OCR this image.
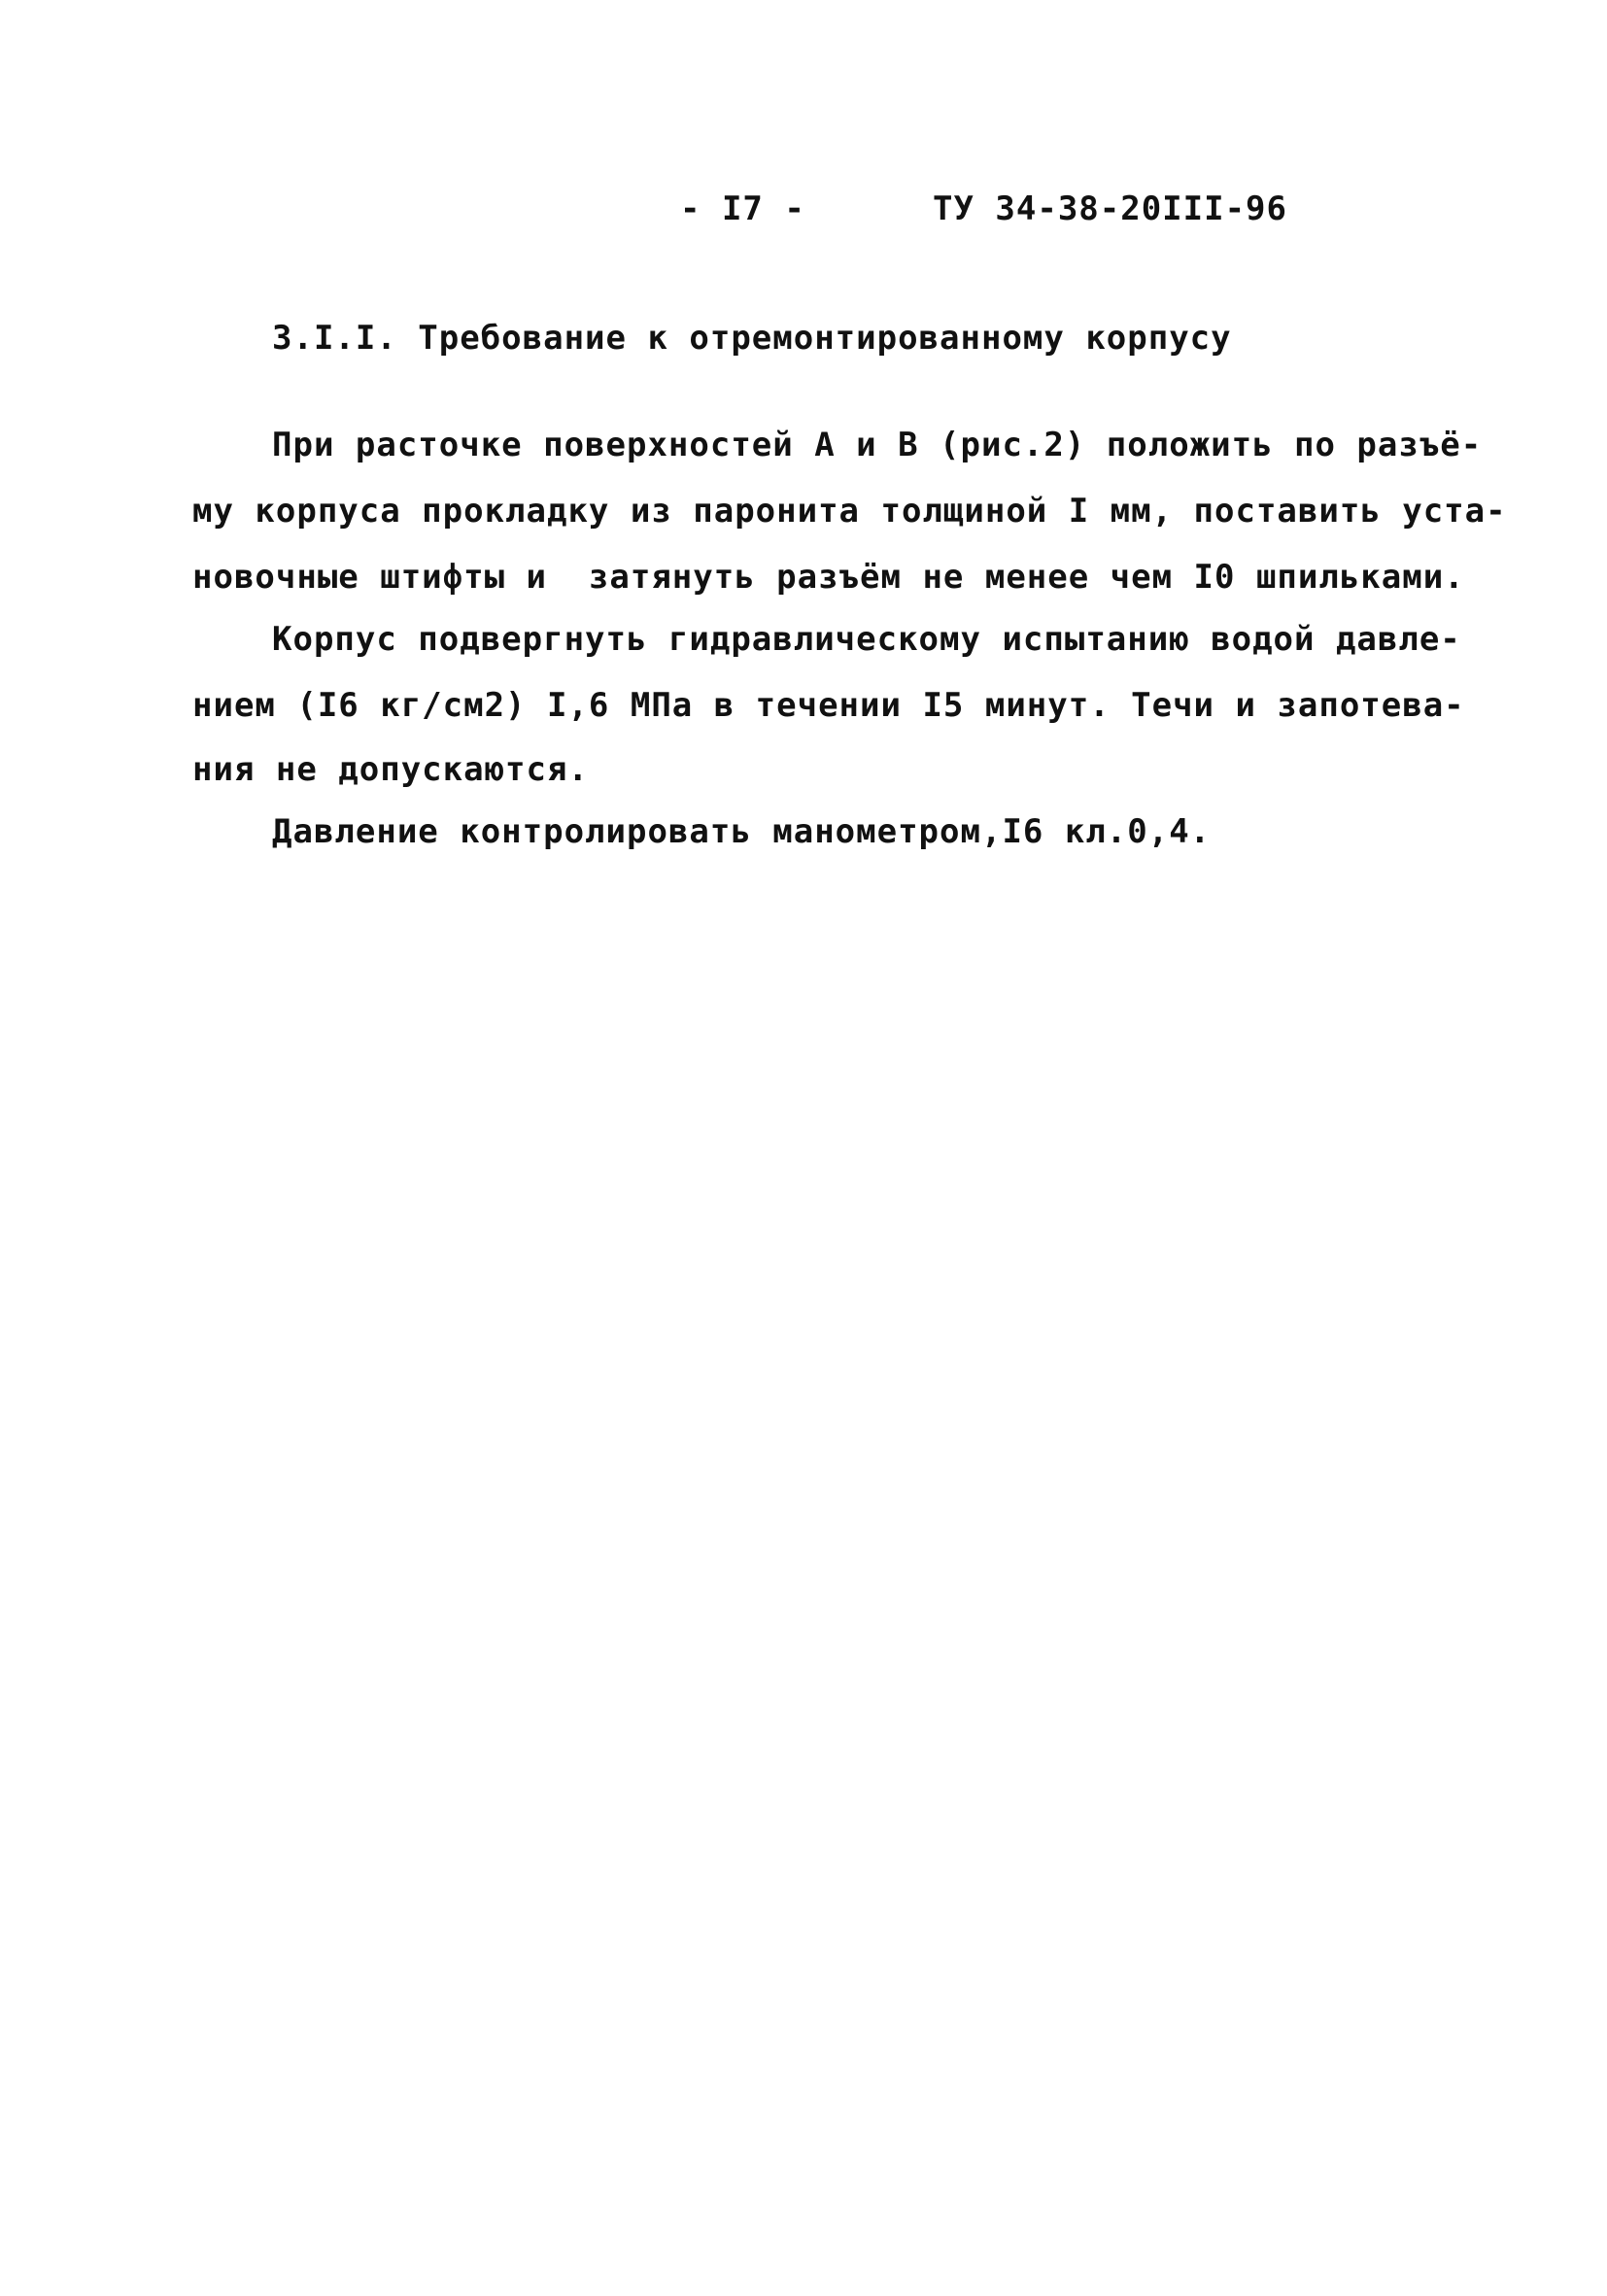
- I7 -	ТУ 34-38-20III-96
3.I.I. Требование к отремонтированному корпусу
При расточке поверхностей А и В (рис.2) положить по разъё-
му корпуса прокладку из паронита толщиной I мм, поставить уста-
новочные штифты и  затянуть разъём не менее чем I0 шпильками.
Корпус подвергнуть гидравлическому испытанию водой давле-
нием (I6 кг/см2) I,6 МПа в течении I5 минут. Течи и запотева-
ния не допускаются.
Давление контролировать манометром,I6 кл.0,4.
